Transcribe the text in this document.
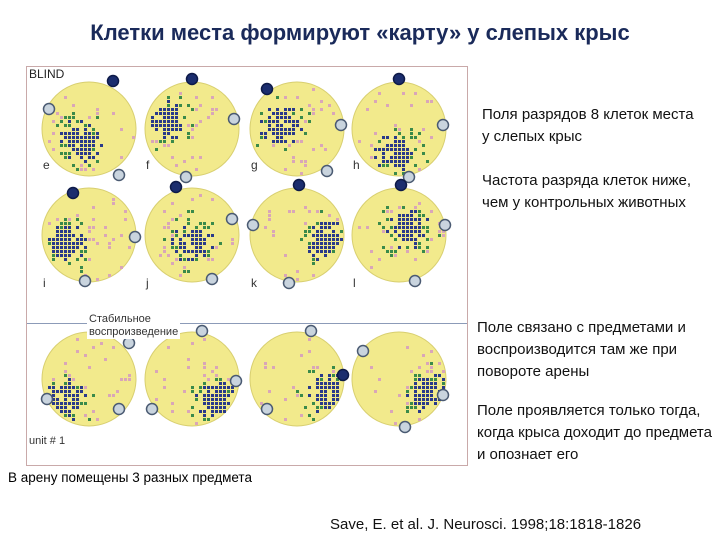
Клетки места формируют «карту» у слепых крыс
e	f	g	h
i	j	k	l
BLIND
Стабильное
воспроизведение
unit # 1
В арену помещены 3 разных предмета
Поля разрядов 8 клеток места у слепых крыс
Частота разряда клеток ниже, чем у контрольных животных
Поле связано с предметами и воспроизводится там же при повороте арены
Поле проявляется только тогда, когда крыса доходит до предмета и опознает его
Save, E. et al. J. Neurosci. 1998;18:1818-1826
